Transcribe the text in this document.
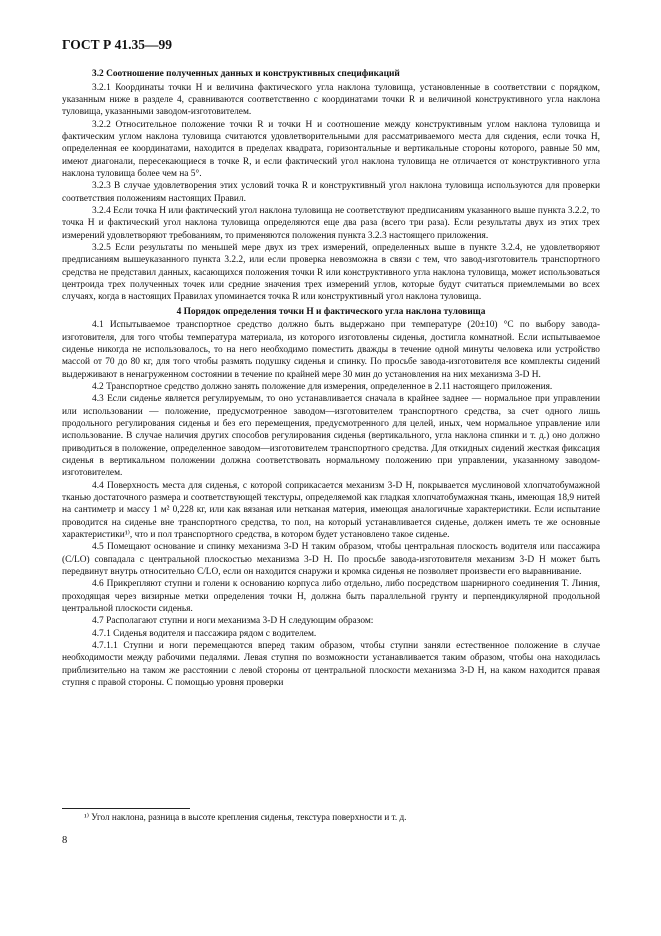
ГОСТ Р 41.35—99
3.2 Соотношение полученных данных и конструктивных спецификаций

3.2.1 Координаты точки H и величина фактического угла наклона туловища, установленные в соответствии с порядком, указанным ниже в разделе 4, сравниваются соответственно с координатами точки R и величиной конструктивного угла наклона туловища, указанными заводом-изготовителем.

3.2.2 Относительное положение точки R и точки H и соотношение между конструктивным углом наклона туловища и фактическим углом наклона туловища считаются удовлетворительными для рассматриваемого места для сидения, если точка H, определенная ее координатами, находится в пределах квадрата, горизонтальные и вертикальные стороны которого, равные 50 мм, имеют диагонали, пересекающиеся в точке R, и если фактический угол наклона туловища не отличается от конструктивного угла наклона туловища более чем на 5°.

3.2.3 В случае удовлетворения этих условий точка R и конструктивный угол наклона туловища используются для проверки соответствия положениям настоящих Правил.

3.2.4 Если точка H или фактический угол наклона туловища не соответствуют предписаниям указанного выше пункта 3.2.2, то точка H и фактический угол наклона туловища определяются еще два раза (всего три раза). Если результаты двух из этих трех измерений удовлетворяют требованиям, то применяются положения пункта 3.2.3 настоящего приложения.

3.2.5 Если результаты по меньшей мере двух из трех измерений, определенных выше в пункте 3.2.4, не удовлетворяют предписаниям вышеуказанного пункта 3.2.2, или если проверка невозможна в связи с тем, что завод-изготовитель транспортного средства не представил данных, касающихся положения точки R или конструктивного угла наклона туловища, может использоваться центроида трех полученных точек или средние значения трех измерений углов, которые будут считаться приемлемыми во всех случаях, когда в настоящих Правилах упоминается точка R или конструктивный угол наклона туловища.

4 Порядок определения точки H и фактического угла наклона туловища

4.1 Испытываемое транспортное средство должно быть выдержано при температуре (20±10) °С по выбору завода-изготовителя, для того чтобы температура материала, из которого изготовлены сиденья, достигла комнатной. Если испытываемое сиденье никогда не использовалось, то на него необходимо поместить дважды в течение одной минуты человека или устройство массой от 70 до 80 кг, для того чтобы размять подушку сиденья и спинку. По просьбе завода-изготовителя все комплекты сидений выдерживают в ненагруженном состоянии в течение по крайней мере 30 мин до установления на них механизма 3-D H.

4.2 Транспортное средство должно занять положение для измерения, определенное в 2.11 настоящего приложения.

4.3 Если сиденье является регулируемым, то оно устанавливается сначала в крайнее заднее — нормальное при управлении или использовании — положение, предусмотренное заводом—изготовителем транспортного средства, за счет одного лишь продольного регулирования сиденья и без его перемещения, предусмотренного для целей, иных, чем нормальное управление или использование. В случае наличия других способов регулирования сиденья (вертикального, угла наклона спинки и т. д.) оно должно приводиться в положение, определенное заводом—изготовителем транспортного средства. Для откидных сидений жесткая фиксация сиденья в вертикальном положении должна соответствовать нормальному положению при управлении, указанному заводом-изготовителем.

4.4 Поверхность места для сиденья, с которой соприкасается механизм 3-D H, покрывается муслиновой хлопчатобумажной тканью достаточного размера и соответствующей текстуры, определяемой как гладкая хлопчатобумажная ткань, имеющая 18,9 нитей на сантиметр и массу 1 м² 0,228 кг, или как вязаная или нетканая материя, имеющая аналогичные характеристики. Если испытание проводится на сиденье вне транспортного средства, то пол, на который устанавливается сиденье, должен иметь те же основные характеристики¹⁾, что и пол транспортного средства, в котором будет установлено такое сиденье.

4.5 Помещают основание и спинку механизма 3-D H таким образом, чтобы центральная плоскость водителя или пассажира (C/LO) совпадала с центральной плоскостью механизма 3-D H. По просьбе завода-изготовителя механизм 3-D H может быть передвинут внутрь относительно C/LO, если он находится снаружи и кромка сиденья не позволяет произвести его выравнивание.

4.6 Прикрепляют ступни и голени к основанию корпуса либо отдельно, либо посредством шарнирного соединения T. Линия, проходящая через визирные метки определения точки H, должна быть параллельной грунту и перпендикулярной продольной центральной плоскости сиденья.

4.7 Располагают ступни и ноги механизма 3-D H следующим образом:

4.7.1 Сиденья водителя и пассажира рядом с водителем.

4.7.1.1 Ступни и ноги перемещаются вперед таким образом, чтобы ступни заняли естественное положение в случае необходимости между рабочими педалями. Левая ступня по возможности устанавливается таким образом, чтобы она находилась приблизительно на таком же расстоянии с левой стороны от центральной плоскости механизма 3-D H, на каком находится правая ступня с правой стороны. С помощью уровня проверки

¹⁾ Угол наклона, разница в высоте крепления сиденья, текстура поверхности и т. д.
8
